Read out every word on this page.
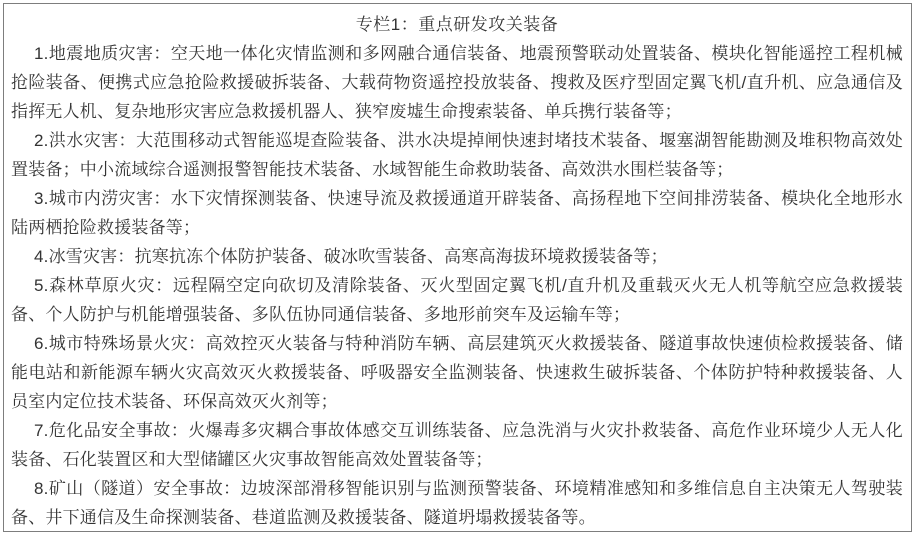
专栏1：重点研发攻关装备

1.地震地质灾害：空天地一体化灾情监测和多网融合通信装备、地震预警联动处置装备、模块化智能遥控工程机械抢险装备、便携式应急抢险救援破拆装备、大载荷物资遥控投放装备、搜救及医疗型固定翼飞机/直升机、应急通信及指挥无人机、复杂地形灾害应急救援机器人、狭窄废墟生命搜索装备、单兵携行装备等；

2.洪水灾害：大范围移动式智能巡堤查险装备、洪水决堤掉闸快速封堵技术装备、堰塞湖智能勘测及堆积物高效处置装备；中小流域综合遥测报警智能技术装备、水域智能生命救助装备、高效洪水围栏装备等；

3.城市内涝灾害：水下灾情探测装备、快速导流及救援通道开辟装备、高扬程地下空间排涝装备、模块化全地形水陆两栖抢险救援装备等；

4.冰雪灾害：抗寒抗冻个体防护装备、破冰吹雪装备、高寒高海拔环境救援装备等；

5.森林草原火灾：远程隔空定向砍切及清除装备、灭火型固定翼飞机/直升机及重载灭火无人机等航空应急救援装备、个人防护与机能增强装备、多队伍协同通信装备、多地形前突车及运输车等；

6.城市特殊场景火灾：高效控灭火装备与特种消防车辆、高层建筑灭火救援装备、隧道事故快速侦检救援装备、储能电站和新能源车辆火灾高效灭火救援装备、呼吸器安全监测装备、快速救生破拆装备、个体防护特种救援装备、人员室内定位技术装备、环保高效灭火剂等；

7.危化品安全事故：火爆毒多灾耦合事故体感交互训练装备、应急洗消与火灾扑救装备、高危作业环境少人无人化装备、石化装置区和大型储罐区火灾事故智能高效处置装备等；

8.矿山（隧道）安全事故：边坡深部滑移智能识别与监测预警装备、环境精准感知和多维信息自主决策无人驾驶装备、井下通信及生命探测装备、巷道监测及救援装备、隧道坍塌救援装备等。
